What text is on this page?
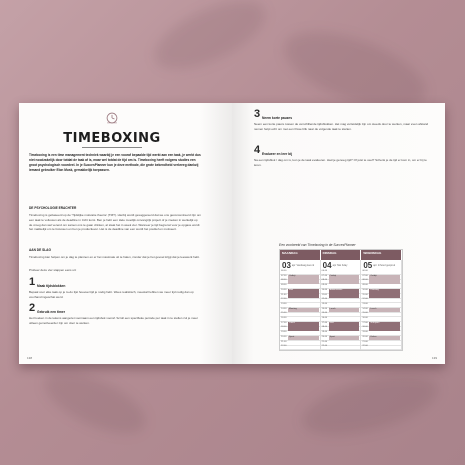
TIMEBOXING
Timeboxing is een time management techniek waarbij je een vooraf bepaalde tijd werkt aan een taak, je werkt dus niet noodzakelijk door totdat de taak af is, maar wel totdat de tijd om is. Timeboxing heeft volgens studies een groot psychologisch voordeel. In je SuccesPlanner kun je deze methode, die grote bekendheid verkreeg dankzij iemand gebruiker Elon Musk, gemakkelijk toepassen.
DE PSYCHOLOGIE ERACHTER
Timeboxing is gebaseerd op de 'Tijdslijke motivatie theorie' (TMT). Hierbij wordt gesuggereerd dat we ons geconcentreerd zijn om een taak te voltooien als de deadline in zicht komt. Ben je hebt een Hele moeilijk omvangrijk project of je zoeken in werkelijk op de vroeg dan wel verend om samen ons te gaan drinken, al staat het in week vier. Wanneer je tijd begrenst voor je opgave wordt het makkelijk om te focussen en ben je productiever. Het is de deadline van een wordt het positief en motiveert.
AAN DE SLAG
Timeboxing kan helpen om je dag te plannen en er het maximale uit te halen, zonder dat je het gevoel krijgt dat je leeswerk hebt.
Probeer deze vier stappen eens uit:
1 Maak tijdsblokken
Bepaal voor elke taak op je to-do lijst hoeveel tijd je nodig hebt. Wees realistisch, meestal hebben we meer tijd nodig dan op voorhand ingeschat werd.
2 Gebruik een timer
Het boeken in de tekens aangezet voornaam een tijdsbok vooraf. Scroll een specifieke periode per taak in te stellen zul je meer uitleen gemotiveerder zijn om door te werken.
138
3 Neem korte pauzes
Neem een korte pauze tussen de verschillende tijdsblokken. Het mag verleidelijk zijn om steeds door te werken, maar even afstand nemen helpt echt om met een frisse blik naar de volgende taak te starten.
4 Evalueer en leer bij
Na een tijdsblok / dag om is, kun je de taak evalueren. Had je genoeg tijd? Of juist te veel? Schenk je de tijd er kom in, om er bij te leren.
Een voorbeeld van Timeboxing in de SuccesPlanner
MAANDAG	DINSDAG	WOENSDAG
03 apr Vandaag lees ik 04 apr Mei bday 05 apr Inhoud gesprek
06:00
07:00
08:00
09:00
10:00
11:00
12:00
13:00
14:00
15:00
16:00
17:00
18:00
19:00
20:00
21:00
22:00
Ontbijt
Mail
Meeting
Lunch
Sport
06:00
07:00
08:00
09:00
10:00
11:00
12:00
13:00
14:00
15:00
16:00
17:00
18:00
19:00
20:00
21:00
22:00
Ontbijt
Administratie
Lunch
Mail
Sport
06:00
07:00
08:00
09:00
10:00
11:00
12:00
13:00
14:00
15:00
16:00
17:00
18:00
19:00
20:00
21:00
22:00
Ontbijt
Planning
Lunch
Schrijven
Koken
139
